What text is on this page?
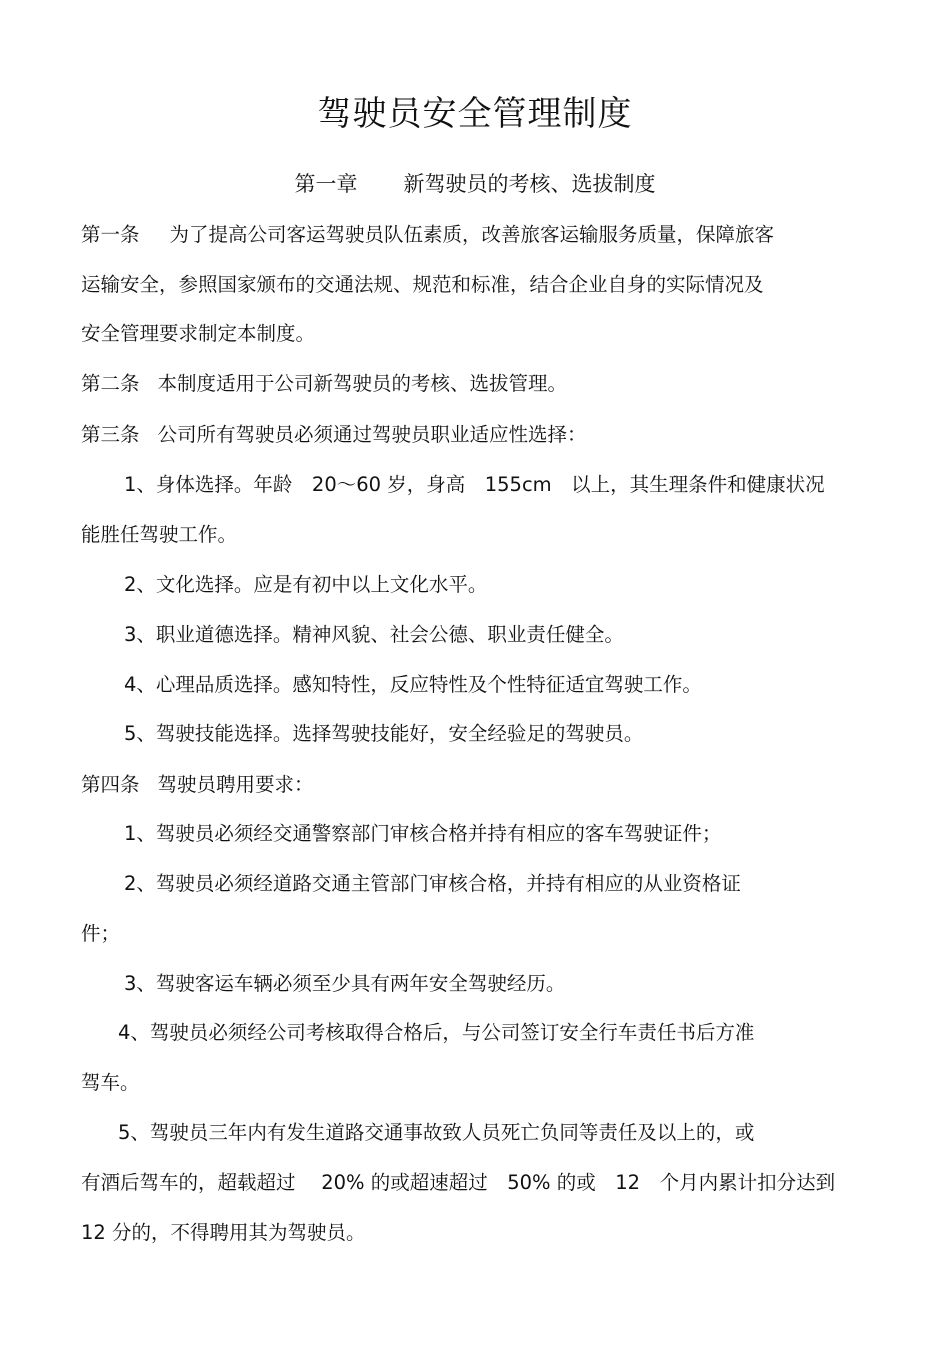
驾驶员安全管理制度
第一章 新驾驶员的考核、选拔制度
第一条 为了提高公司客运驾驶员队伍素质，改善旅客运输服务质量，保障旅客
运输安全，参照国家颁布的交通法规、规范和标准，结合企业自身的实际情况及
安全管理要求制定本制度。
第二条 本制度适用于公司新驾驶员的考核、选拔管理。
第三条 公司所有驾驶员必须通过驾驶员职业适应性选择：
1、身体选择。年龄　20～60 岁，身高　155cm　以上，其生理条件和健康状况
能胜任驾驶工作。
2、文化选择。应是有初中以上文化水平。
3、职业道德选择。精神风貌、社会公德、职业责任健全。
4、心理品质选择。感知特性，反应特性及个性特征适宜驾驶工作。
5、驾驶技能选择。选择驾驶技能好，安全经验足的驾驶员。
第四条 驾驶员聘用要求：
1、驾驶员必须经交通警察部门审核合格并持有相应的客车驾驶证件；
2、驾驶员必须经道路交通主管部门审核合格，并持有相应的从业资格证
件；
3、驾驶客运车辆必须至少具有两年安全驾驶经历。
4、驾驶员必须经公司考核取得合格后，与公司签订安全行车责任书后方准
驾车。
5、驾驶员三年内有发生道路交通事故致人员死亡负同等责任及以上的，或
有酒后驾车的，超载超过　 20% 的或超速超过　50% 的或　12　个月内累计扣分达到
12 分的，不得聘用其为驾驶员。
